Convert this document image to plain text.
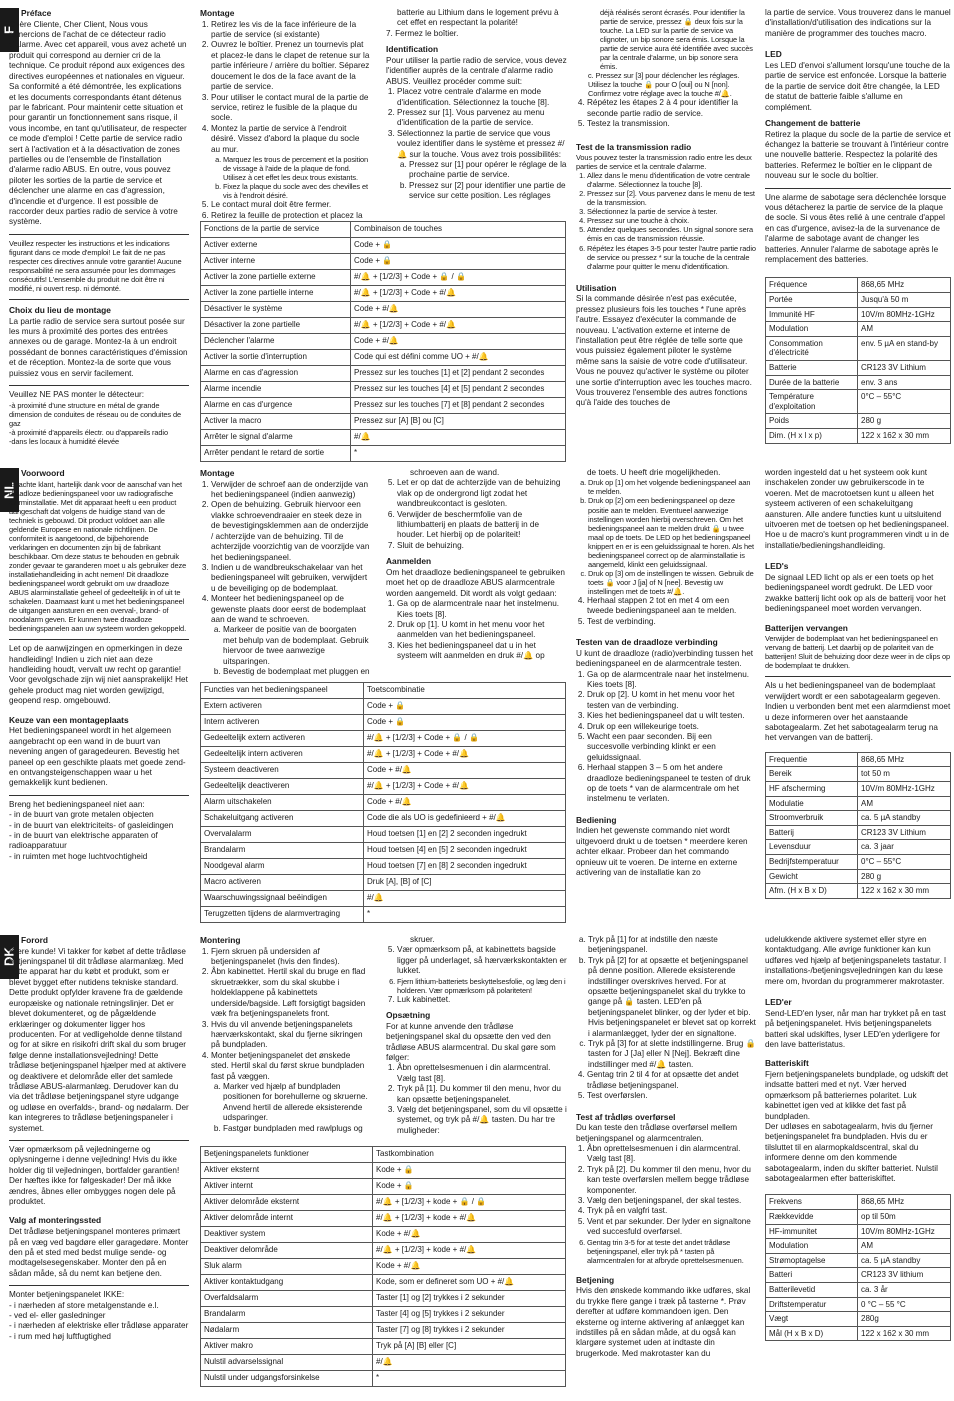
F
Préface

Chère Cliente, Cher Client, Nous vous remercions de l'achat de ce détecteur radio d'alarme. Avec cet appareil, vous avez acheté un produit qui correspond au dernier cri de la technique. Ce produit répond aux exigences des directives européennes et nationales en vigueur. Sa conformité a été démontrée, les explications et les documents correspondants étant détenus par le fabricant. Pour maintenir cette situation et pour garantir un fonctionnement sans risque, il vous incombe, en tant qu'utilisateur, de respecter ce mode d'emploi ! Cette partie de service radio sert à l'activation et à la désactivation de zones partielles ou de l'ensemble de l'installation d'alarme radio ABUS. En outre, vous pouvez piloter les sorties de la partie de service et déclencher une alarme en cas d'agression, d'incendie et d'urgence. Il est possible de raccorder deux parties radio de service à votre système.

Veuillez respecter les instructions et les indications figurant dans ce mode d'emploi! Le fait de ne pas respecter ces directives annule votre garantie! Aucune responsabilité ne sera assumée pour les dommages consécutifs! L'ensemble du produit ne doit être ni modifié, ni ouvert resp. ni démonté.

Choix du lieu de montage

La partie radio de service sera surtout posée sur les murs à proximité des portes des entrées annexes ou de garage. Montez-la à un endroit possédant de bonnes caractéristiques d'émission et de réception. Montez-la de sorte que vous puissiez vous en servir facilement.

Veuillez NE PAS monter le détecteur:

-à proximité d'une structure en métal de grande dimension de conduites de réseau ou de conduites de gaz
-à proximité d'appareils électr. ou d'appareils radio
-dans les locaux à humidité élevée
Montage
1. Retirez les vis de la face inférieure de la partie de service (si existante)
2. Ouvrez le boîtier. Prenez un tournevis plat et placez-le dans le clapet de retenue sur la partie inférieure / arrière du boîtier. Séparez doucement le dos de la face avant de la partie de service.
3. Pour utiliser le contact mural de la partie de service, retirez le fusible de la plaque du socle.
4. Montez la partie de service à l'endroit désiré. Vissez d'abord la plaque du socle au mur.
a. Marquez les trous de percement et la position de vissage à l'aide de la plaque de fond. Utilisez à cet effet les deux trous existants.
b. Fixez la plaque du socle avec des chevilles et vis à l'endroit désiré.
5. Le contact mural doit être fermer.
6. Retirez la feuille de protection et placez la

batterie au Lithium dans le logement prévu à cet effet en respectant la polarité!

7. Fermez le boîtier.

Identification

Pour utiliser la partie radio de service, vous devez l'identifier auprès de la centrale d'alarme radio ABUS. Veuillez procéder comme suit:

1. Placez votre centrale d'alarme en mode d'identification. Sélectionnez la touche [8].
2. Pressez sur [1]. Vous parvenez au menu d'identification de la partie de service.
3. Sélectionnez la partie de service que vous voulez identifier dans le système et pressez #/🔔 sur la touche. Vous avez trois possibilités:
a. Pressez sur [1] pour opérer le réglage de la prochaine partie de service.
b. Pressez sur [2] pour identifier une partie de service sur cette position. Les réglages
Fonctions de la partie de service	Combinaison de touches
Activer externe	Code + 🔒
Activer interne	Code + 🔒
Activer la zone partielle externe	#/🔔 + [1/2/3] + Code + 🔒 / 🔒
Activer la zone partielle interne	#/🔔 + [1/2/3] + Code + #/🔔
Désactiver le système	Code + #/🔔
Désactiver la zone partielle	#/🔔 + [1/2/3] + Code + #/🔔
Déclencher l'alarme	Code + #/🔔
Activer la sortie d'interruption	Code qui est défini comme UO + #/🔔
Alarme en cas d'agression	Pressez sur les touches [1] et [2] pendant 2 secondes
Alarme incendie	Pressez sur les touches [4] et [5] pendant 2 secondes
Alarme en cas d'urgence	Pressez sur les touches [7] et [8] pendant 2 secondes
Activer la macro	Pressez sur [A] [B] ou [C]
Arrêter le signal d'alarme	#/🔔
Arrêter pendant le retard de sortie	*

déjà réalisés seront écrasés. Pour identifier la partie de service, pressez 🔒 deux fois sur la touche. La LED sur la partie de service va clignoter, un bip sonore sera émis. Lorsque la partie de service aura été identifiée avec succès par la centrale d'alarme, un bip sonore sera émis.

c. Pressez sur [3] pour déclencher les réglages. Utilisez la touche 🔒 pour O [oui] ou N [non]. Confirmez votre réglage avec la touche #/🔔.

4. Répétez les étapes 2 à 4 pour identifier la seconde partie radio de service.
5. Testez la transmission.
Test de la transmission radio

Vous pouvez tester la transmission radio entre les deux parties de service et la centrale d'alarme.

1. Allez dans le menu d'identification de votre centrale d'alarme. Sélectionnez la touche [8].
2. Pressez sur [2]. Vous parvenez dans le menu de test de la transmission.
3. Sélectionnez la partie de service à tester.
4. Pressez sur une touche à choix.
5. Attendez quelques secondes. Un signal sonore sera émis en cas de transmission réussie.
6. Répétez les étapes 3-5 pour tester l'autre partie radio de service ou pressez * sur la touche de la centrale d'alarme pour quitter le menu d'identification.
Utilisation

Si la commande désirée n'est pas exécutée, pressez plusieurs fois les touches * l'une après l'autre. Essayez d'exécuter la commande de nouveau. L'activation externe et interne de l'installation peut être réglée de telle sorte que vous puissiez également piloter le système même sans la saisie de votre code d'utilisateur. Vous ne pouvez qu'activer le système ou piloter une sortie d'interruption avec les touches macro. Vous trouverez l'ensemble des autres fonctions qu'à l'aide des touches de

la partie de service. Vous trouverez dans le manuel d'installation/d'utilisation des indications sur la manière de programmer des touches macro.

LED

Les LED d'envoi s'allument lorsqu'une touche de la partie de service est enfoncée. Lorsque la batterie de la partie de service doit être changée, la LED de statut de batterie faible s'allume en complément.

Changement de batterie

Retirez la plaque du socle de la partie de service et échangez la batterie se trouvant à l'intérieur contre une nouvelle batterie. Respectez la polarité des batteries. Refermez le boîtier en le clippant de nouveau sur le socle du boîtier.

Une alarme de sabotage sera déclenchée lorsque vous détacherez la partie de service de la plaque de socle. Si vous êtes relié à une centrale d'appel en cas d'urgence, avisez-la de la survenance de l'alarme de sabotage avant de changer les batteries. Annuler l'alarme de sabotage après le remplacement des batteries.

Fréquence	868,65 MHz
Portée	Jusqu'à 50 m
Immunité HF	10V/m 80MHz-1GHz
Modulation	AM
Consommation d'électricité	env. 5 µA en stand-by
Batterie	CR123 3V Lithium
Durée de la batterie	env. 3 ans
Température d'exploitation	0°C – 55°C
Poids	280 g
Dim. (H x l x p)	122 x 162 x 30 mm
NL
Voorwoord

Geachte klant, hartelijk dank voor de aanschaf van het draadloze bedieningspaneel voor uw radiografische alarminstallatie. Met dit apparaat heeft u een product aangeschaft dat volgens de huidige stand van de techniek is gebouwd. Dit product voldoet aan alle geldende Europese en nationale richtlijnen. De conformiteit is aangetoond, de bijbehorende verklaringen en documenten zijn bij de fabrikant beschikbaar. Om deze status te behouden en gebruik zonder gevaar te garanderen moet u als gebruiker deze installatiehandleiding in acht nemen! Dit draadloze bedieningspaneel wordt gebruikt om uw draadloze ABUS alarminstallatie geheel of gedeeltelijk in of uit te schakelen. Daarnaast kunt u met het bedieningspaneel de uitgangen aansturen en een overval-, brand- of noodalarm geven. Er kunnen twee draadloze bedieningspanelen aan uw systeem worden gekoppeld.

Let op de aanwijzingen en opmerkingen in deze handleiding! Indien u zich niet aan deze handleiding houdt, vervalt uw recht op garantie! Voor gevolgschade zijn wij niet aansprakelijk! Het gehele product mag niet worden gewijzigd, geopend resp. omgebouwd.

Keuze van een montageplaats

Het bedieningspaneel wordt in het algemeen aangebracht op een wand in de buurt van nevening angen of garagedeuren. Bevestig het paneel op een geschikte plaats met goede zend- en ontvangsteigenschappen waar u het gemakkelijk kunt bedienen.

Breng het bedieningspaneel niet aan:

- in de buurt van grote metalen objecten
- in de buurt van elektriciteits- of gasleidingen
- in de buurt van elektrische apparaten of radioapparatuur
- in ruimten met hoge luchtvochtigheid
Montage
1. Verwijder de schroef aan de onderzijde van het bedieningspaneel (indien aanwezig)
2. Open de behuizing. Gebruik hiervoor een vlakke schroevendraaier en steek deze in de bevestigingsklemmen aan de onderzijde / achterzijde van de behuizing. Til de achterzijde voorzichtig van de voorzijde van het bedieningspaneel.
3. Indien u de wandbreukschakelaar van het bedieningspaneel wilt gebruiken, verwijdert u de beveiliging op de bodemplaat.
4. Monteer het bedieningspaneel op de gewenste plaats door eerst de bodemplaat aan de wand te schroeven.
a. Markeer de positie van de boorgaten met behulp van de bodemplaat. Gebruik hiervoor de twee aanwezige uitsparingen.
b. Bevestig de bodemplaat met pluggen en

schroeven aan de wand.

5. Let er op dat de achterzijde van de behuizing vlak op de ondergrond ligt zodat het wandbreukcontact is gesloten.
6. Verwijder de beschermfolie van de lithiumbatterij en plaats de batterij in de houder. Let hierbij op de polariteit!
7. Sluit de behuizing.
Aanmelden

Om het draadloze bedieningspaneel te gebruiken moet het op de draadloze ABUS alarmcentrale worden aangemeld. Dit wordt als volgt gedaan:

1. Ga op de alarmcentrale naar het instelmenu. Kies toets [8].
2. Druk op [1]. U komt in het menu voor het aanmelden van het bedieningspaneel.
3. Kies het bedieningspaneel dat u in het systeem wilt aanmelden en druk #/🔔 op
Functies van het bedieningspaneel	Toetscombinatie
Extern activeren	Code + 🔒
Intern activeren	Code + 🔒
Gedeeltelijk extern activeren	#/🔔 + [1/2/3] + Code + 🔒 / 🔒
Gedeeltelijk intern activeren	#/🔔 + [1/2/3] + Code + #/🔔
Systeem deactiveren	Code + #/🔔
Gedeeltelijk deactiveren	#/🔔 + [1/2/3] + Code + #/🔔
Alarm uitschakelen	Code + #/🔔
Schakeluitgang activeren	Code die als UO is gedefinieerd + #/🔔
Overvalalarm	Houd toetsen [1] en [2] 2 seconden ingedrukt
Brandalarm	Houd toetsen [4] en [5] 2 seconden ingedrukt
Noodgeval alarm	Houd toetsen [7] en [8] 2 seconden ingedrukt
Macro activeren	Druk [A], [B] of [C]
Waarschuwingssignaal beëindigen	#/🔔
Terugzetten tijdens de alarmvertraging	*

de toets. U heeft drie mogelijkheden.

a. Druk op [1] om het volgende bedieningspaneel aan te melden.
b. Druk op [2] om een bedieningspaneel op deze positie aan te melden. Eventueel aanwezige instellingen worden hierbij overschreven. Om het bedieningspaneel aan te melden drukt 🔒 u twee maal op de toets. De LED op het bedieningspaneel knippert en er is een geluidssignaal te horen. Als het bedieningspaneel correct op de alarminstallatie is aangemeld, klinkt een geluidssignaal.
c. Druk op [3] om de instellingen te wissen. Gebruik de toets 🔒 voor J [ja] of N [nee]. Bevestig uw instellingen met de toets #/🔔.
4. Herhaal stappen 2 tot en met 4 om een tweede bedieningspaneel aan te melden.
5. Test de verbinding.
Testen van de draadloze verbinding

U kunt de draadloze (radio)verbinding tussen het bedieningspaneel en de alarmcentrale testen.

1. Ga op de alarmcentrale naar het instelmenu. Kies toets [8].
2. Druk op [2]. U komt in het menu voor het testen van de verbinding.
3. Kies het bedieningspaneel dat u wilt testen.
4. Druk op een willekeurige toets.
5. Wacht een paar seconden. Bij een succesvolle verbinding klinkt er een geluidssignaal.
6. Herhaal stappen 3 – 5 om het andere draadloze bedieningspaneel te testen of druk op de toets * van de alarmcentrale om het instelmenu te verlaten.
Bediening

Indien het gewenste commando niet wordt uitgevoerd drukt u de toetsen * meerdere keren achter elkaar. Probeer dan het commando opnieuw uit te voeren. De interne en externe activering van de installatie kan zo

worden ingesteld dat u het systeem ook kunt inschakelen zonder uw gebruikerscode in te voeren. Met de macrotoetsen kunt u alleen het systeem activeren of een schakeluitgang aansturen. Alle andere functies kunt u uitsluitend uitvoeren met de toetsen op het bedieningspaneel. Hoe u de macro's kunt programmeren vindt u in de installatie/bedieningshandleiding.

LED's

De signaal LED licht op als er een toets op het bedieningspaneel wordt gedrukt. De LED voor zwakke batterij licht ook op als de batterij voor het bedieningspaneel moet worden vervangen.

Batterijen vervangen

Verwijder de bodemplaat van het bedieningspaneel en vervang de batterij. Let daarbij op de polariteit van de batterijen! Sluit de behuizing door deze weer in de clips op de bodemplaat te drukken.

Als u het bedieningspaneel van de bodemplaat verwijdert wordt er een sabotagealarm gegeven. Indien u verbonden bent met een alarmdienst moet u deze informeren over het aanstaande sabotagealarm. Zet het sabotagealarm terug na het vervangen van de batterij.

Frequentie	868,65 MHz
Bereik	tot 50 m
HF afscherming	10V/m 80MHz-1GHz
Modulatie	AM
Stroomverbruik	ca. 5 µA standby
Batterij	CR123 3V Lithium
Levensduur	ca. 3 jaar
Bedrijfstemperatuur	0°C – 55°C
Gewicht	280 g
Afm. (H x B x D)	122 x 162 x 30 mm
DK
Forord

Kære kunde! Vi takker for købet af dette trådløse betjeningspanel til dit trådløse alarmanlæg. Med dette apparat har du købt et produkt, som er blevet bygget efter nutidens tekniske standard. Dette produkt opfylder kravene fra de gældende europæiske og nationale retningslinjer. Det er blevet dokumenteret, og de pågældende erklæringer og dokumenter ligger hos producenten. For at vedligeholde denne tilstand og for at sikre en risikofri drift skal du som bruger følge denne installationsvejledning! Dette trådløse betjeningspanel hjælper med at aktivere og deaktivere et delområde eller det samlede trådløse ABUS-alarmanlæg. Derudover kan du via det trådløse betjeningspanel styre udgange og udløse en overfalds-, brand- og nødalarm. Der kan integreres to trådløse betjeningspaneler i systemet.

Vær opmærksom på vejledningerne og oplysningerne i denne vejledning! Hvis du ikke holder dig til vejledningen, bortfalder garantien! Der hæftes ikke for følgeskader! Der må ikke ændres, åbnes eller ombygges nogen dele på produktet.

Valg af monteringssted

Det trådløse betjeningspanel monteres primært på en væg ved bagdøre eller garagedøre. Monter den på et sted med bedst mulige sende- og modtagelsesegenskaber. Monter den på en sådan måde, så du nemt kan betjene den.

Monter betjeningspanelet IKKE:

- i nærheden af store metalgenstande e.l.
- ved el- eller gasledninger
- i nærheden af elektriske eller trådløse apparater
- i rum med høj luftfugtighed
Montering
1. Fjern skruen på undersiden af betjeningspanelet (hvis den findes).
2. Åbn kabinettet. Hertil skal du bruge en flad skruetrækker, som du skal skubbe i holdeklappene på kabinettets underside/bagside. Løft forsigtigt bagsiden væk fra betjeningspanelets front.
3. Hvis du vil anvende betjeningspanelets hærværkskontakt, skal du fjerne sikringen på bundpladen.
4. Monter betjeningspanelet det ønskede sted. Hertil skal du først skrue bundpladen fast på væggen.
a. Marker ved hjælp af bundpladen positionen for borehullerne og skruerne. Anvend hertil de allerede eksisterende udsparinger.
b. Fastgør bundpladen med rawlplugs og

skruer.

5. Vær opmærksom på, at kabinettets bagside ligger på underlaget, så hærværkskontakten er lukket.
6. Fjern lithium-batteriets beskyttelsesfolie, og læg den i holderen. Vær opmærksom på polariteten!
7. Luk kabinettet.
Opsætning

For at kunne anvende den trådløse betjeningspanel skal du opsætte den ved den trådløse ABUS alarmcentral. Du skal gøre som følger:

1. Åbn oprettelsesmenuen i din alarmcentral. Vælg tast [8].
2. Tryk på [1]. Du kommer til den menu, hvor du kan opsætte betjeningspanelet.
3. Vælg det betjeningspanel, som du vil opsætte i systemet, og tryk på #/🔔 tasten. Du har tre muligheder:
Betjeningspanelets funktioner	Tastkombination
Aktiver eksternt	Kode + 🔒
Aktiver internt	Kode + 🔒
Aktiver delområde eksternt	#/🔔 + [1/2/3] + kode + 🔒 / 🔒
Aktiver delområde internt	#/🔔 + [1/2/3] + kode + #/🔔
Deaktiver system	Kode + #/🔔
Deaktiver delområde	#/🔔 + [1/2/3] + kode + #/🔔
Sluk alarm	Kode + #/🔔
Aktiver kontaktudgang	Kode, som er defineret som UO + #/🔔
Overfaldsalarm	Taster [1] og [2] trykkes i 2 sekunder
Brandalarm	Taster [4] og [5] trykkes i 2 sekunder
Nødalarm	Taster [7] og [8] trykkes i 2 sekunder
Aktiver makro	Tryk på [A] [B] eller [C]
Nulstil advarselssignal	#/🔔
Nulstil under udgangsforsinkelse	*
a. Tryk på [1] for at indstille den næste betjeningspanel.
b. Tryk på [2] for at opsætte et betjeningspanel på denne position. Allerede eksisterende indstillinger overskrives herved. For at opsætte betjeningspanelet skal du trykke to gange på 🔒 tasten. LED'en på betjeningspanelet blinker, og der lyder et bip. Hvis betjeningspanelet er blevet sat op korrekt i alarmanlægget, lyder der en signaltone.
c. Tryk på [3] for at slette indstillingerne. Brug 🔒 tasten for J [Ja] eller N [Nej]. Bekræft dine indstillinger med #/🔔 tasten.
4. Gentag trin 2 til 4 for at opsætte det andet trådløse betjeningspanel.
5. Test overførslen.
Test af trådløs overførsel

Du kan teste den trådløse overførsel mellem betjeningspanel og alarmcentralen.

1. Åbn oprettelsesmenuen i din alarmcentral. Vælg tast [8].
2. Tryk på [2]. Du kommer til den menu, hvor du kan teste overførslen mellem begge trådløse komponenter.
3. Vælg den betjeningspanel, der skal testes.
4. Tryk på en valgfri tast.
5. Vent et par sekunder. Der lyder en signaltone ved succesfuld overførsel.
6. Gentag trin 3-5 for at teste det andet trådløse betjeningspanel, eller tryk på * tasten på alarmcentralen for at afbryde oprettelsesmenuen.
Betjening

Hvis den ønskede kommando ikke udføres, skal du trykke flere gange i træk på tasterne *. Prøv derefter at udføre kommandoen igen. Den eksterne og interne aktivering af anlægget kan indstilles på en sådan måde, at du også kan klargøre systemet uden at indtaste din brugerkode. Med makrotaster kan du

udelukkende aktivere systemet eller styre en kontaktudgang. Alle øvrige funktioner kan kun udføres ved hjælp af betjeningspanelets tastatur. I installations-/betjeningsvejledningen kan du læse mere om, hvordan du programmerer makrotaster.

LED'er

Send-LED'en lyser, når man har trykket på en tast på betjeningspanelet. Hvis betjeningspanelets batteri skal udskiftes, lyser LED'en yderligere for den lave batteristatus.

Batteriskift

Fjern betjeningspanelets bundplade, og udskift det indsatte batteri med et nyt. Vær herved opmærksom på batteriernes polaritet. Luk kabinettet igen ved at klikke det fast på bundpladen.

Der udløses en sabotagealarm, hvis du fjerner betjeningspanelet fra bundpladen. Hvis du er tilsluttet til en alarmopkaldscentral, skal du informere denne om den kommende sabotagealarm, inden du skifter batteriet. Nulstil sabotagealarmen efter batteriskiftet.

Frekvens	868,65 MHz
Rækkevidde	op til 50m
HF-immunitet	10V/m 80MHz-1GHz
Modulation	AM
Strømoptagelse	ca. 5 µA standby
Batteri	CR123 3V lithium
Batterilevetid	ca. 3 år
Driftstemperatur	0 °C – 55 °C
Vægt	280g
Mål (H x B x D)	122 x 162 x 30 mm
